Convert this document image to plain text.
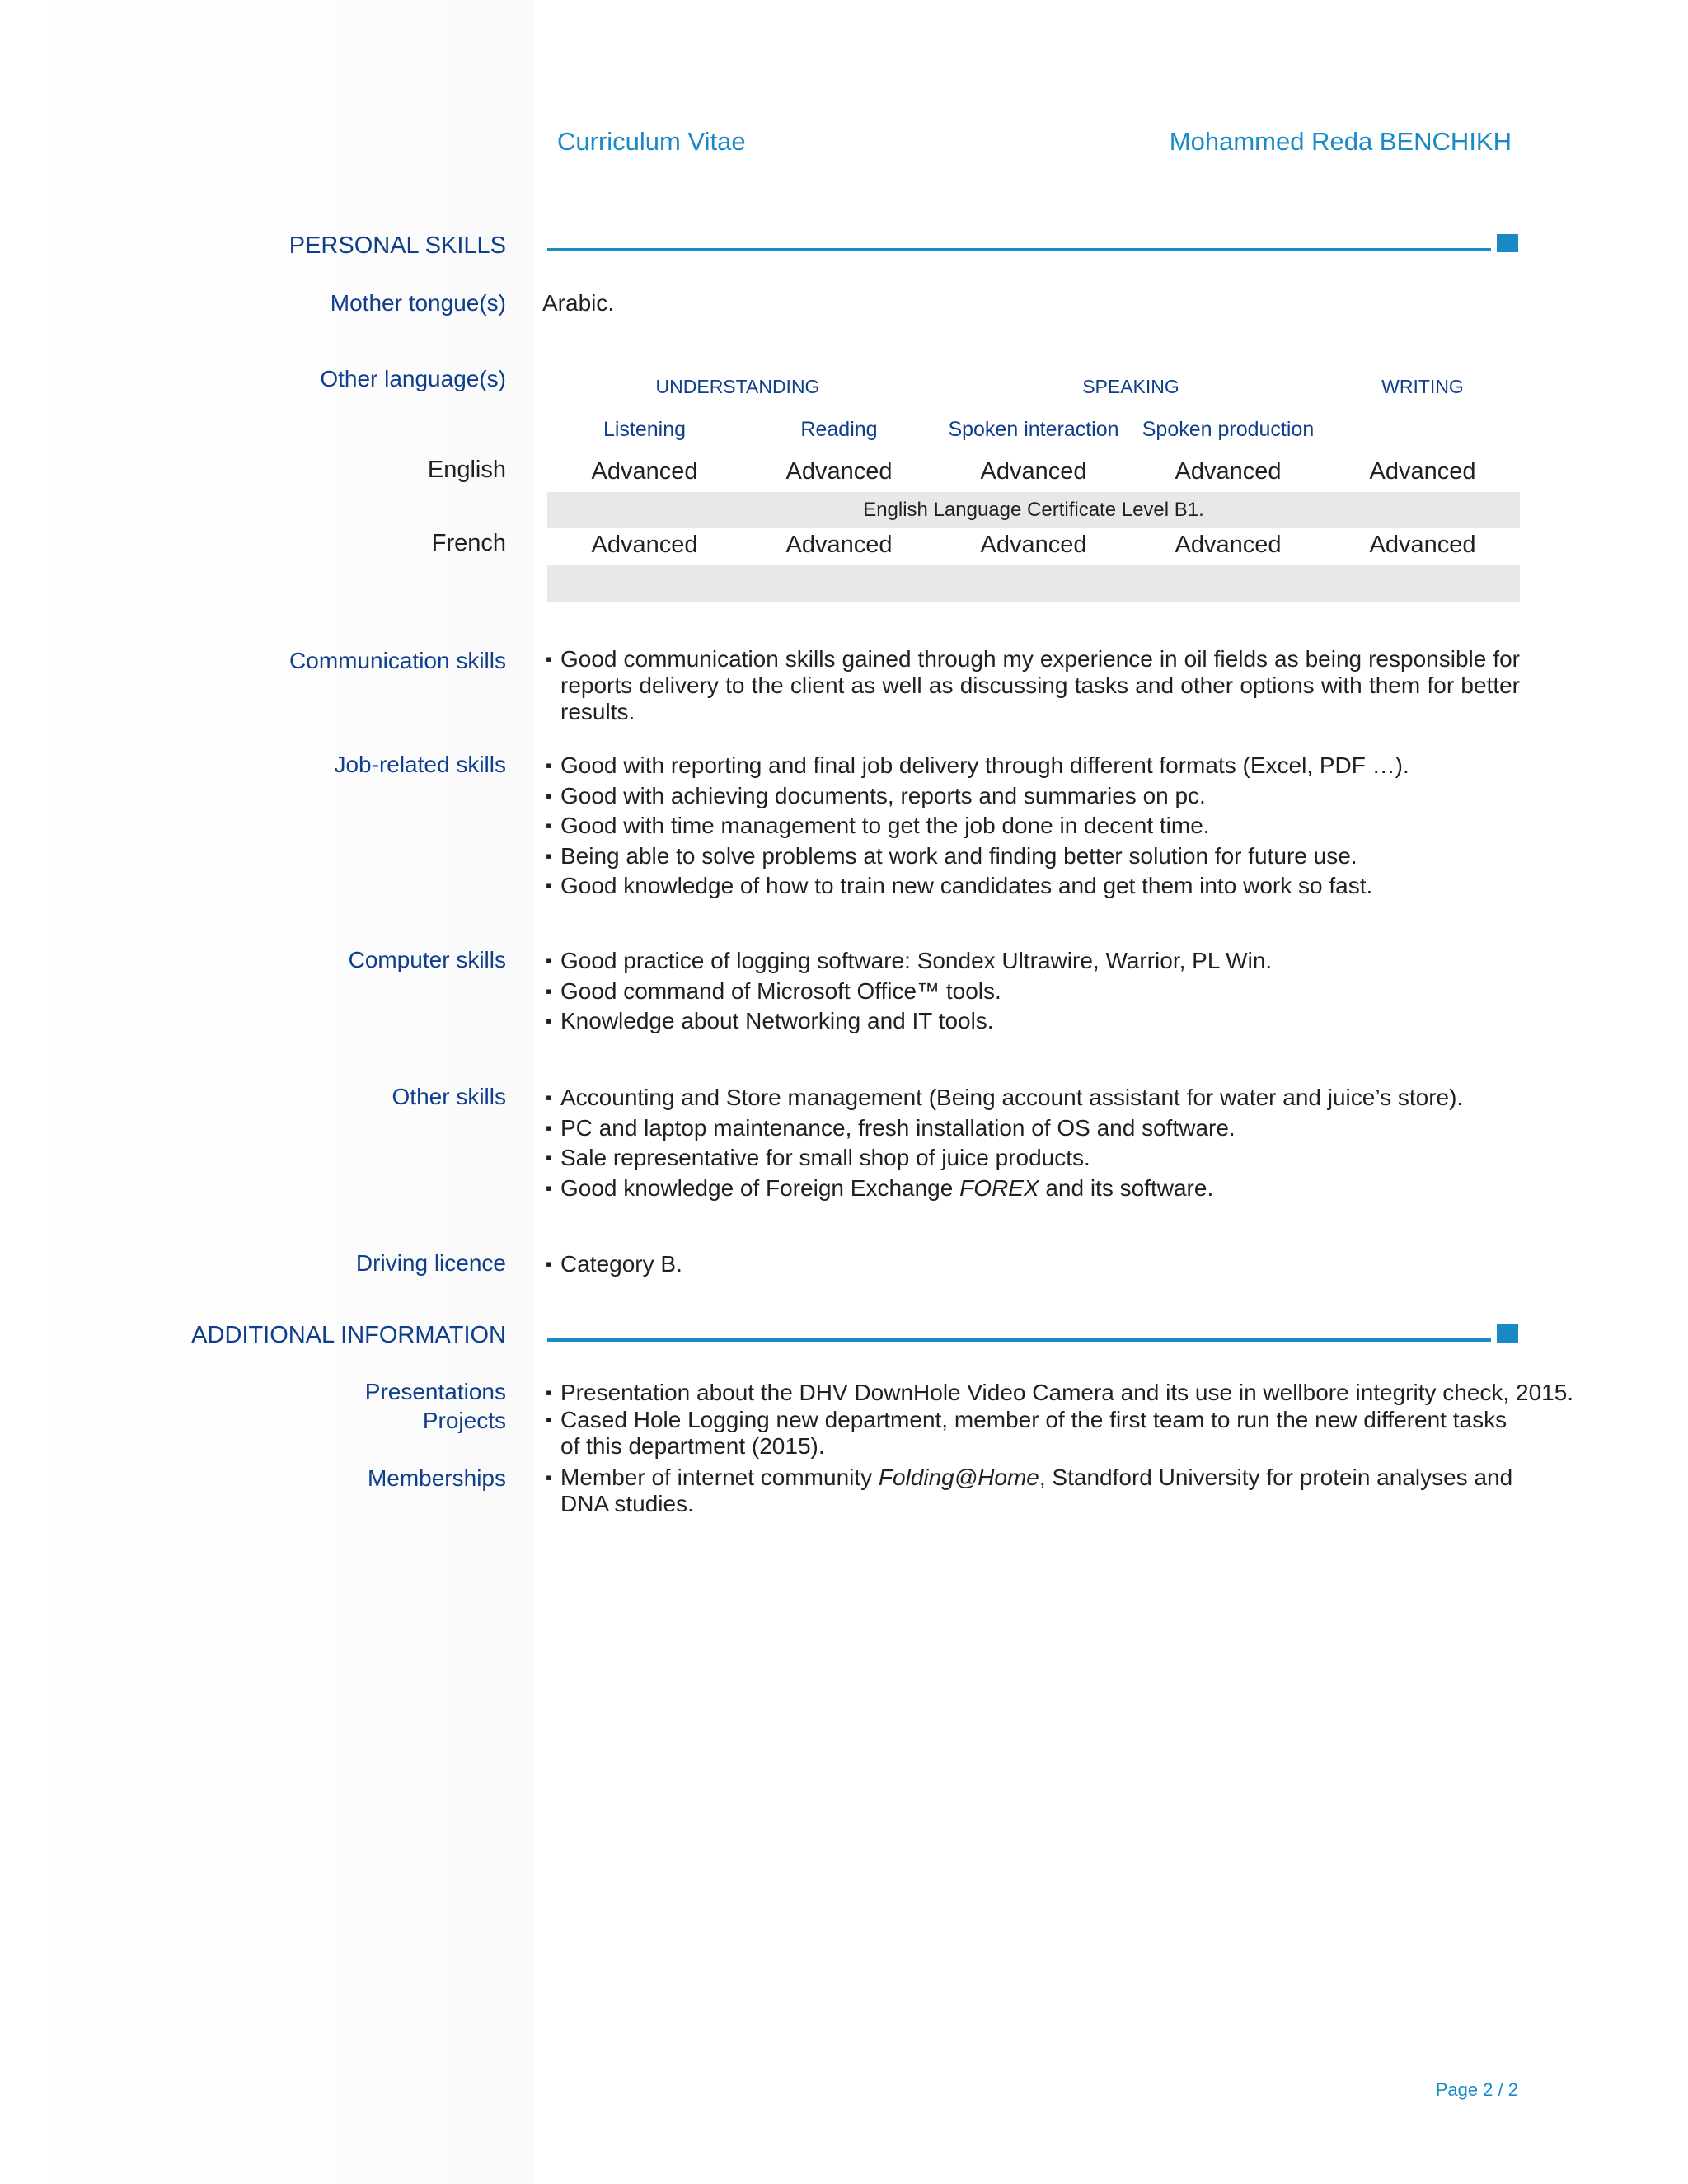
Curriculum Vitae	Mohammed Reda BENCHIKH
PERSONAL SKILLS
Mother tongue(s) Arabic.
Other language(s)	UNDERSTANDING	SPEAKING	WRITING
Listening	Reading	Spoken interaction	Spoken production
English	Advanced	Advanced	Advanced	Advanced	Advanced
English Language Certificate Level B1.
French	Advanced	Advanced	Advanced	Advanced	Advanced
Communication skills	▪ Good communication skills gained through my experience in oil fields as being responsible for reports delivery to the client as well as discussing tasks and other options with them for better results.
Job-related skills	▪ Good with reporting and final job delivery through different formats (Excel, PDF …).
▪ Good with achieving documents, reports and summaries on pc.
▪ Good with time management to get the job done in decent time.
▪ Being able to solve problems at work and finding better solution for future use.
▪ Good knowledge of how to train new candidates and get them into work so fast.
Computer skills	▪ Good practice of logging software: Sondex Ultrawire, Warrior, PL Win.
▪ Good command of Microsoft Office™ tools.
▪ Knowledge about Networking and IT tools.
Other skills	▪ Accounting and Store management (Being account assistant for water and juice’s store).
▪ PC and laptop maintenance, fresh installation of OS and software.
▪ Sale representative for small shop of juice products.
▪ Good knowledge of Foreign Exchange FOREX and its software.
Driving licence	▪ Category B.
ADDITIONAL INFORMATION
Presentations	▪ Presentation about the DHV DownHole Video Camera and its use in wellbore integrity check, 2015.
Projects	▪ Cased Hole Logging new department, member of the first team to run the new different tasks of this department (2015).
Memberships	▪ Member of internet community Folding@Home, Standford University for protein analyses and DNA studies.
Page 2 / 2
